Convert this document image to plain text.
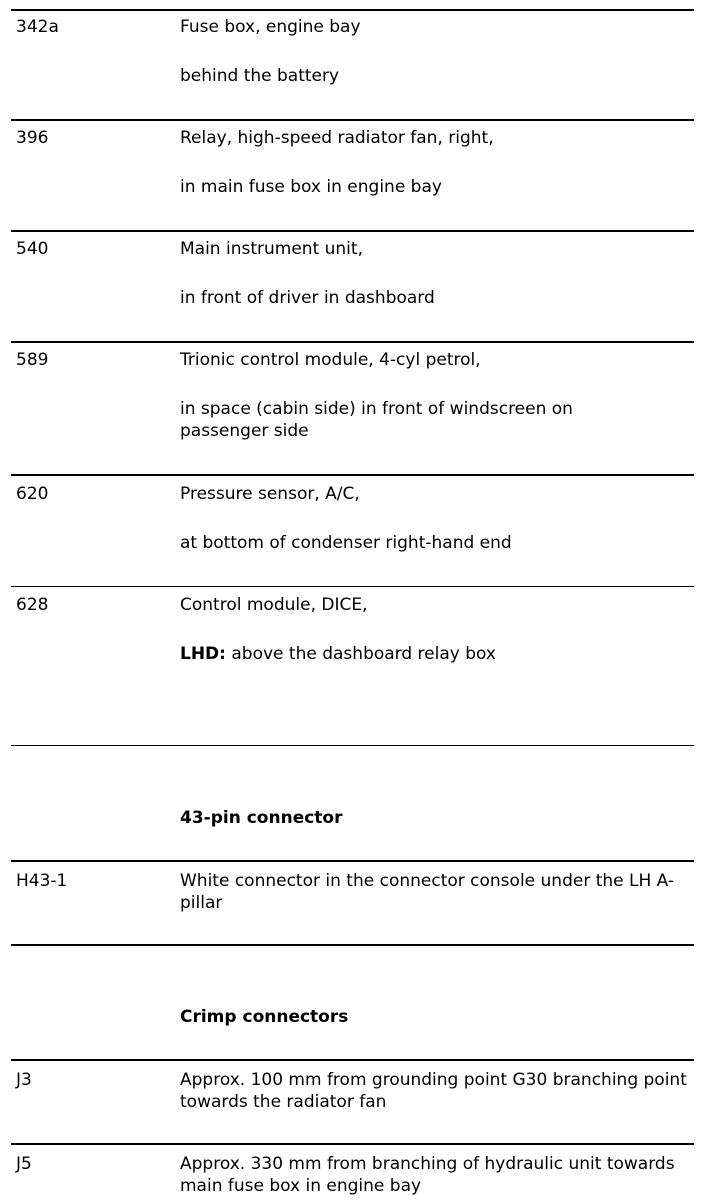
342a	Fuse box, engine bay
behind the battery
396	Relay, high-speed radiator fan, right,
in main fuse box in engine bay
540	Main instrument unit,
in front of driver in dashboard
589	Trionic control module, 4-cyl petrol,
in space (cabin side) in front of windscreen on passenger side
620	Pressure sensor, A/C,
at bottom of condenser right-hand end
628	Control module, DICE,
LHD: above the dashboard relay box
43-pin connector
H43-1	White connector in the connector console under the LH A-pillar
Crimp connectors
J3	Approx. 100 mm from grounding point G30 branching point towards the radiator fan
J5	Approx. 330 mm from branching of hydraulic unit towards main fuse box in engine bay
